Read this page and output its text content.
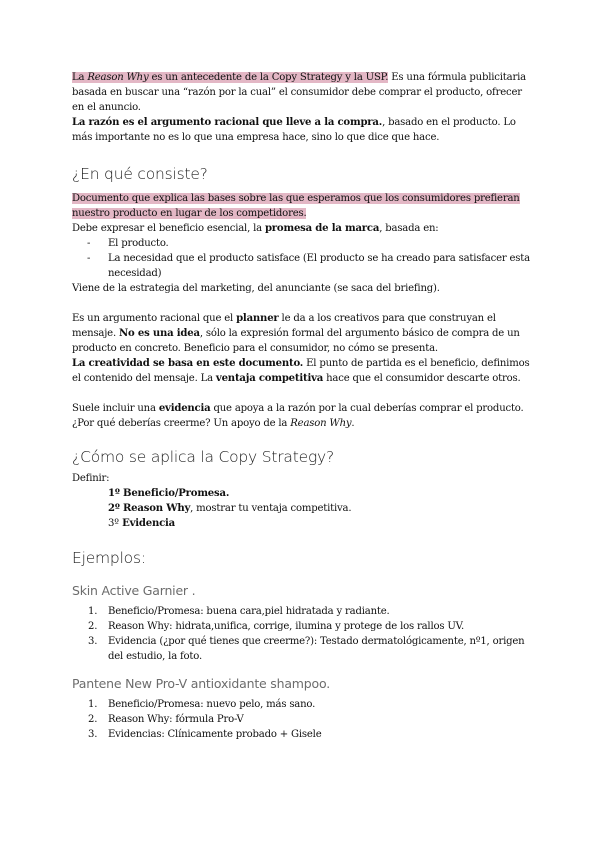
La Reason Why es un antecedente de la Copy Strategy y la USP. Es una fórmula publicitaria basada en buscar una “razón por la cual” el consumidor debe comprar el producto, ofrecer en el anuncio.

La razón es el argumento racional que lleve a la compra., basado en el producto. Lo más importante no es lo que una empresa hace, sino lo que dice que hace.

¿En qué consiste?

Documento que explica las bases sobre las que esperamos que los consumidores prefieran nuestro producto en lugar de los competidores.

Debe expresar el beneficio esencial, la promesa de la marca, basada en:

- El producto.
- La necesidad que el producto satisface (El producto se ha creado para satisfacer esta necesidad)

Viene de la estrategia del marketing, del anunciante (se saca del briefing).

Es un argumento racional que el planner le da a los creativos para que construyan el mensaje. No es una idea, sólo la expresión formal del argumento básico de compra de un producto en concreto. Beneficio para el consumidor, no cómo se presenta.

La creatividad se basa en este documento. El punto de partida es el beneficio, definimos el contenido del mensaje. La ventaja competitiva hace que el consumidor descarte otros.

Suele incluir una evidencia que apoya a la razón por la cual deberías comprar el producto. ¿Por qué deberías creerme? Un apoyo de la Reason Why.

¿Cómo se aplica la Copy Strategy?

Definir:

1º Beneficio/Promesa.

2º Reason Why, mostrar tu ventaja competitiva.

3º Evidencia

Ejemplos:
Skin Active Garnier .
1. Beneficio/Promesa: buena cara,piel hidratada y radiante.
2. Reason Why: hidrata,unifica, corrige, ilumina y protege de los rallos UV.
3. Evidencia (¿por qué tienes que creerme?): Testado dermatológicamente, nº1, origen del estudio, la foto.
Pantene New Pro-V antioxidante shampoo.
1. Beneficio/Promesa: nuevo pelo, más sano.
2. Reason Why: fórmula Pro-V
3. Evidencias: Clínicamente probado + Gisele
